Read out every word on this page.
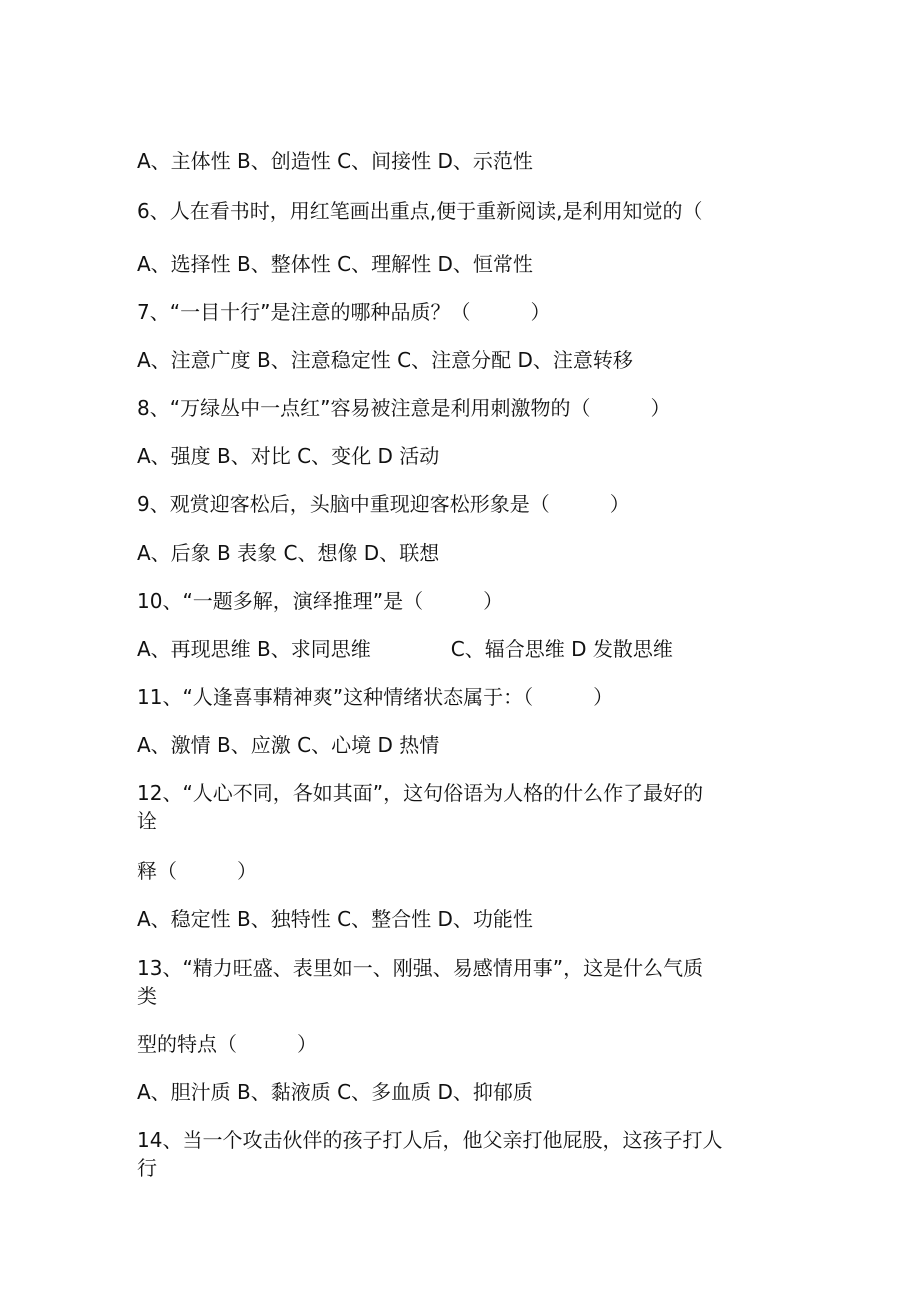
A、主体性 B、创造性 C、间接性 D、示范性
6、人在看书时，用红笔画出重点,便于重新阅读,是利用知觉的（
A、选择性 B、整体性 C、理解性 D、恒常性
7、“一目十行”是注意的哪种品质？（　　　）
A、注意广度 B、注意稳定性 C、注意分配 D、注意转移
8、“万绿丛中一点红”容易被注意是利用刺激物的（　　　）
A、强度 B、对比 C、变化 D 活动
9、观赏迎客松后，头脑中重现迎客松形象是（　　　）
A、后象 B 表象 C、想像 D、联想
10、“一题多解，演绎推理”是（　　　）
A、再现思维 B、求同思维　　　　C、辐合思维 D 发散思维
11、“人逢喜事精神爽”这种情绪状态属于：（　　　）
A、激情 B、应激 C、心境 D 热情
12、“人心不同，各如其面”，这句俗语为人格的什么作了最好的
诠
释（　　　）
A、稳定性 B、独特性 C、整合性 D、功能性
13、“精力旺盛、表里如一、刚强、易感情用事”，这是什么气质
类
型的特点（　　　）
A、胆汁质 B、黏液质 C、多血质 D、抑郁质
14、当一个攻击伙伴的孩子打人后，他父亲打他屁股，这孩子打人
行
